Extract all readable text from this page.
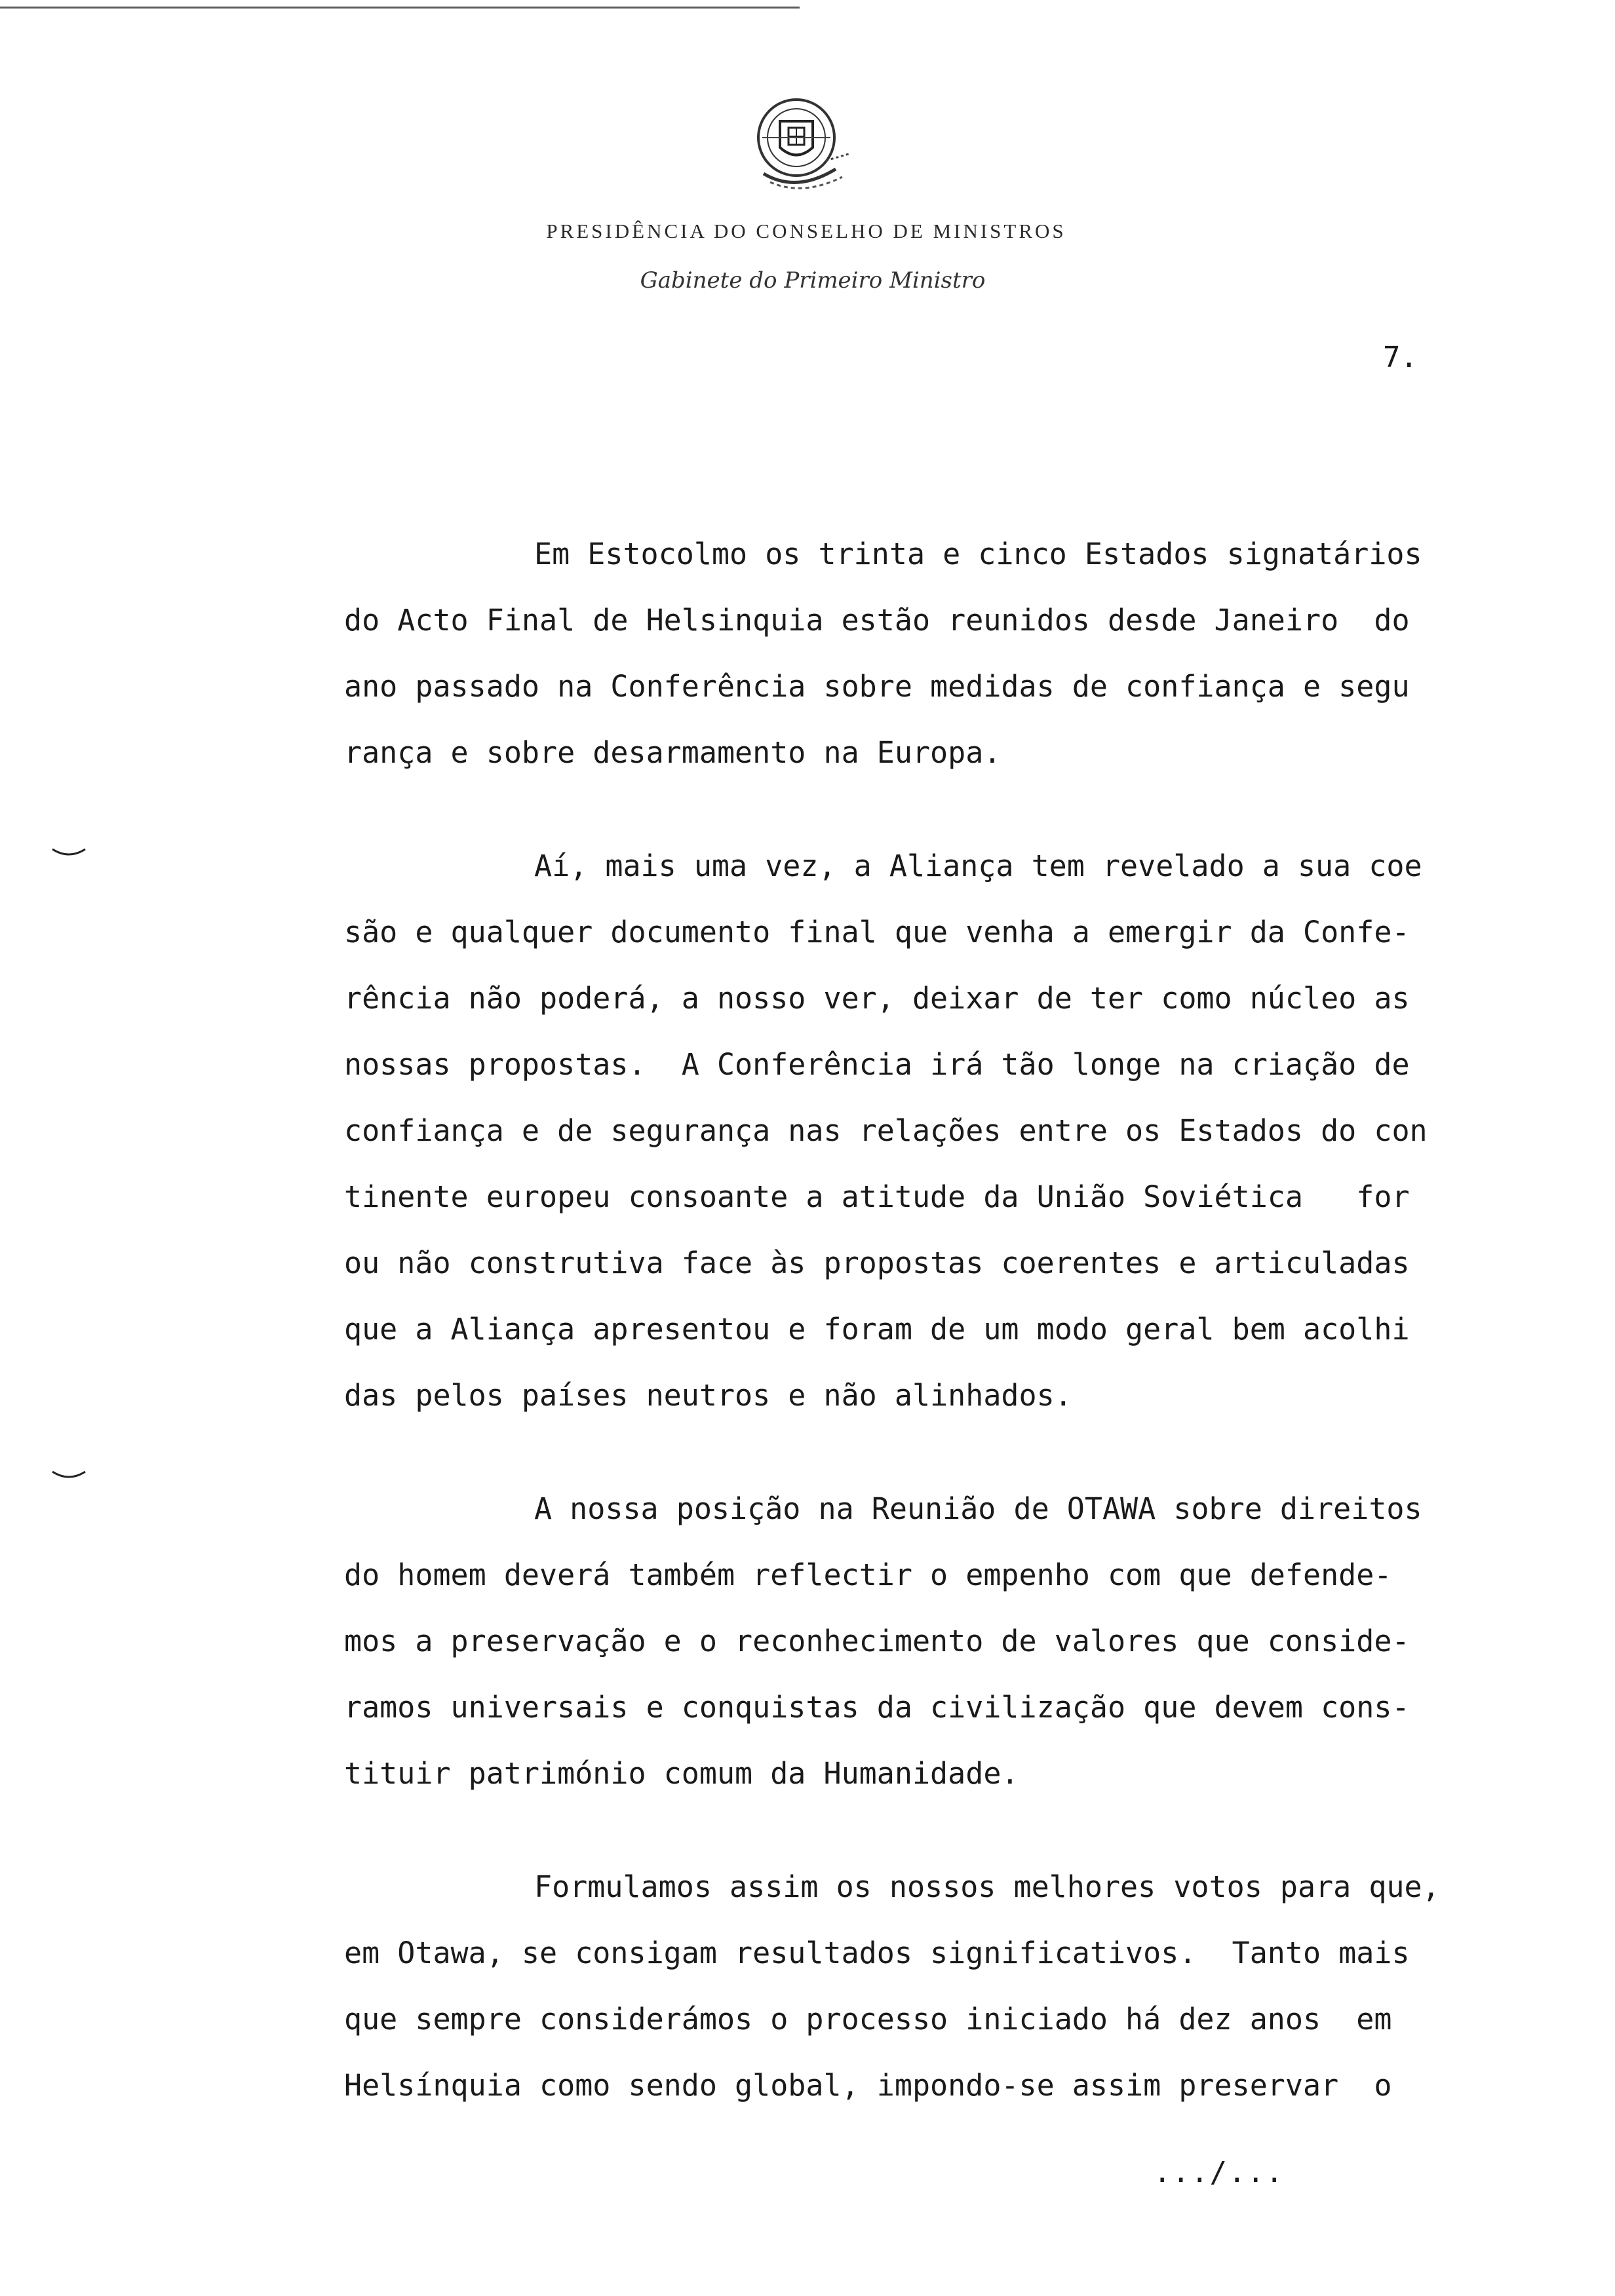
PRESIDÊNCIA DO CONSELHO DE MINISTROS
Gabinete do Primeiro Ministro
7.
Em Estocolmo os trinta e cinco Estados signatários
do Acto Final de Helsinquia estão reunidos desde Janeiro  do
ano passado na Conferência sobre medidas de confiança e segu
rança e sobre desarmamento na Europa.
Aí, mais uma vez, a Aliança tem revelado a sua coe
são e qualquer documento final que venha a emergir da Confe-
rência não poderá, a nosso ver, deixar de ter como núcleo as
nossas propostas.  A Conferência irá tão longe na criação de
confiança e de segurança nas relações entre os Estados do con
tinente europeu consoante a atitude da União Soviética   for
ou não construtiva face às propostas coerentes e articuladas
que a Aliança apresentou e foram de um modo geral bem acolhi
das pelos países neutros e não alinhados.
A nossa posição na Reunião de OTAWA sobre direitos
do homem deverá também reflectir o empenho com que defende-
mos a preservação e o reconhecimento de valores que conside-
ramos universais e conquistas da civilização que devem cons-
tituir património comum da Humanidade.
Formulamos assim os nossos melhores votos para que,
em Otawa, se consigam resultados significativos.  Tanto mais
que sempre considerámos o processo iniciado há dez anos  em
Helsínquia como sendo global, impondo-se assim preservar  o
.../...
